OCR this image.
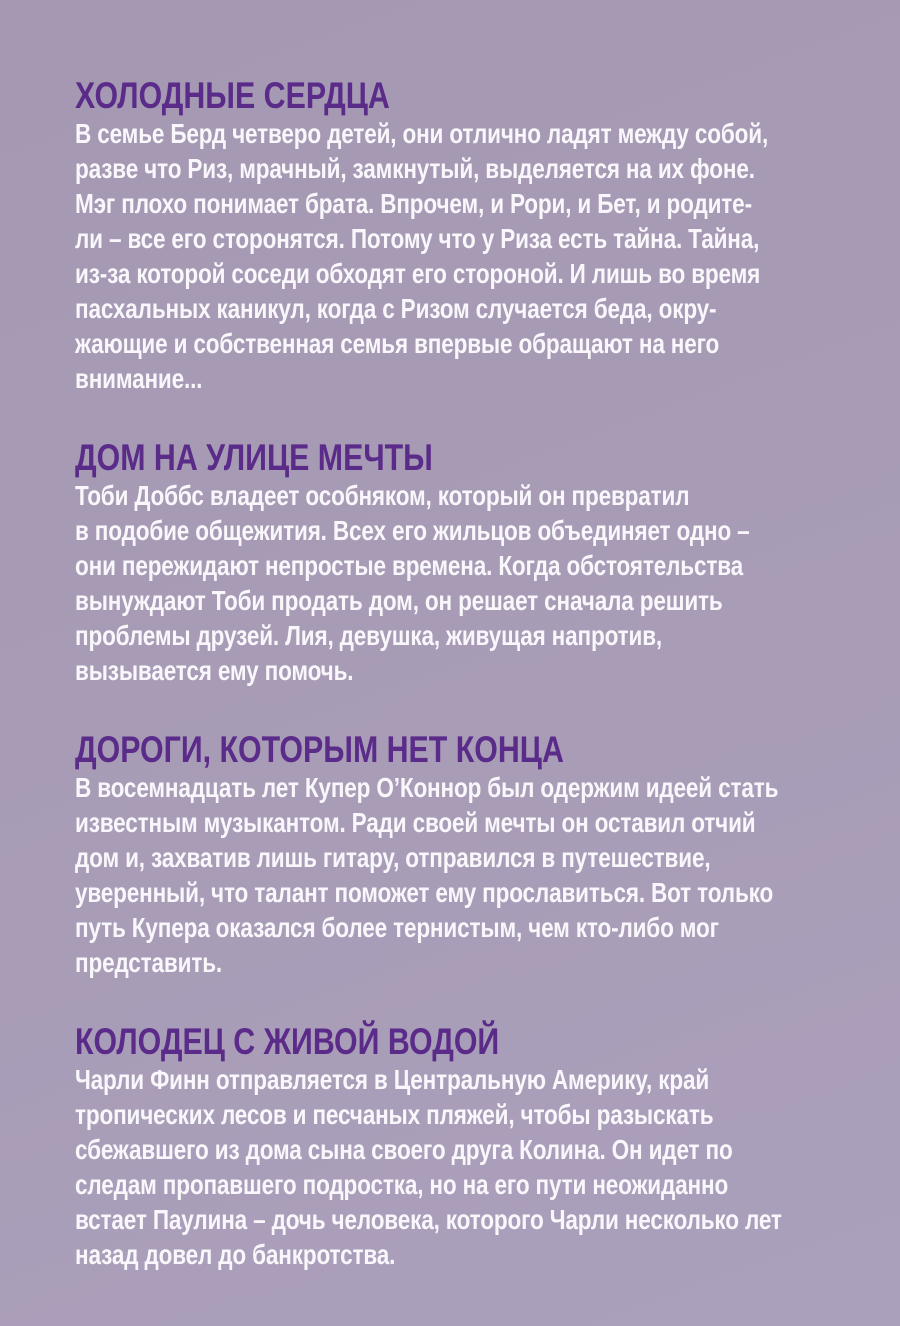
ХОЛОДНЫЕ СЕРДЦА
В семье Берд четверо детей, они отлично ладят между собой,
разве что Риз, мрачный, замкнутый, выделяется на их фоне.
Мэг плохо понимает брата. Впрочем, и Рори, и Бет, и родите-
ли – все его сторонятся. Потому что у Риза есть тайна. Тайна,
из-за которой соседи обходят его стороной. И лишь во время
пасхальных каникул, когда с Ризом случается беда, окру-
жающие и собственная семья впервые обращают на него
внимание...
ДОМ НА УЛИЦЕ МЕЧТЫ
Тоби Доббс владеет особняком, который он превратил
в подобие общежития. Всех его жильцов объединяет одно –
они пережидают непростые времена. Когда обстоятельства
вынуждают Тоби продать дом, он решает сначала решить
проблемы друзей. Лия, девушка, живущая напротив,
вызывается ему помочь.
ДОРОГИ, КОТОРЫМ НЕТ КОНЦА
В восемнадцать лет Купер О’Коннор был одержим идеей стать
известным музыкантом. Ради своей мечты он оставил отчий
дом и, захватив лишь гитару, отправился в путешествие,
уверенный, что талант поможет ему прославиться. Вот только
путь Купера оказался более тернистым, чем кто-либо мог
представить.
КОЛОДЕЦ С ЖИВОЙ ВОДОЙ
Чарли Финн отправляется в Центральную Америку, край
тропических лесов и песчаных пляжей, чтобы разыскать
сбежавшего из дома сына своего друга Колина. Он идет по
следам пропавшего подростка, но на его пути неожиданно
встает Паулина – дочь человека, которого Чарли несколько лет
назад довел до банкротства.
